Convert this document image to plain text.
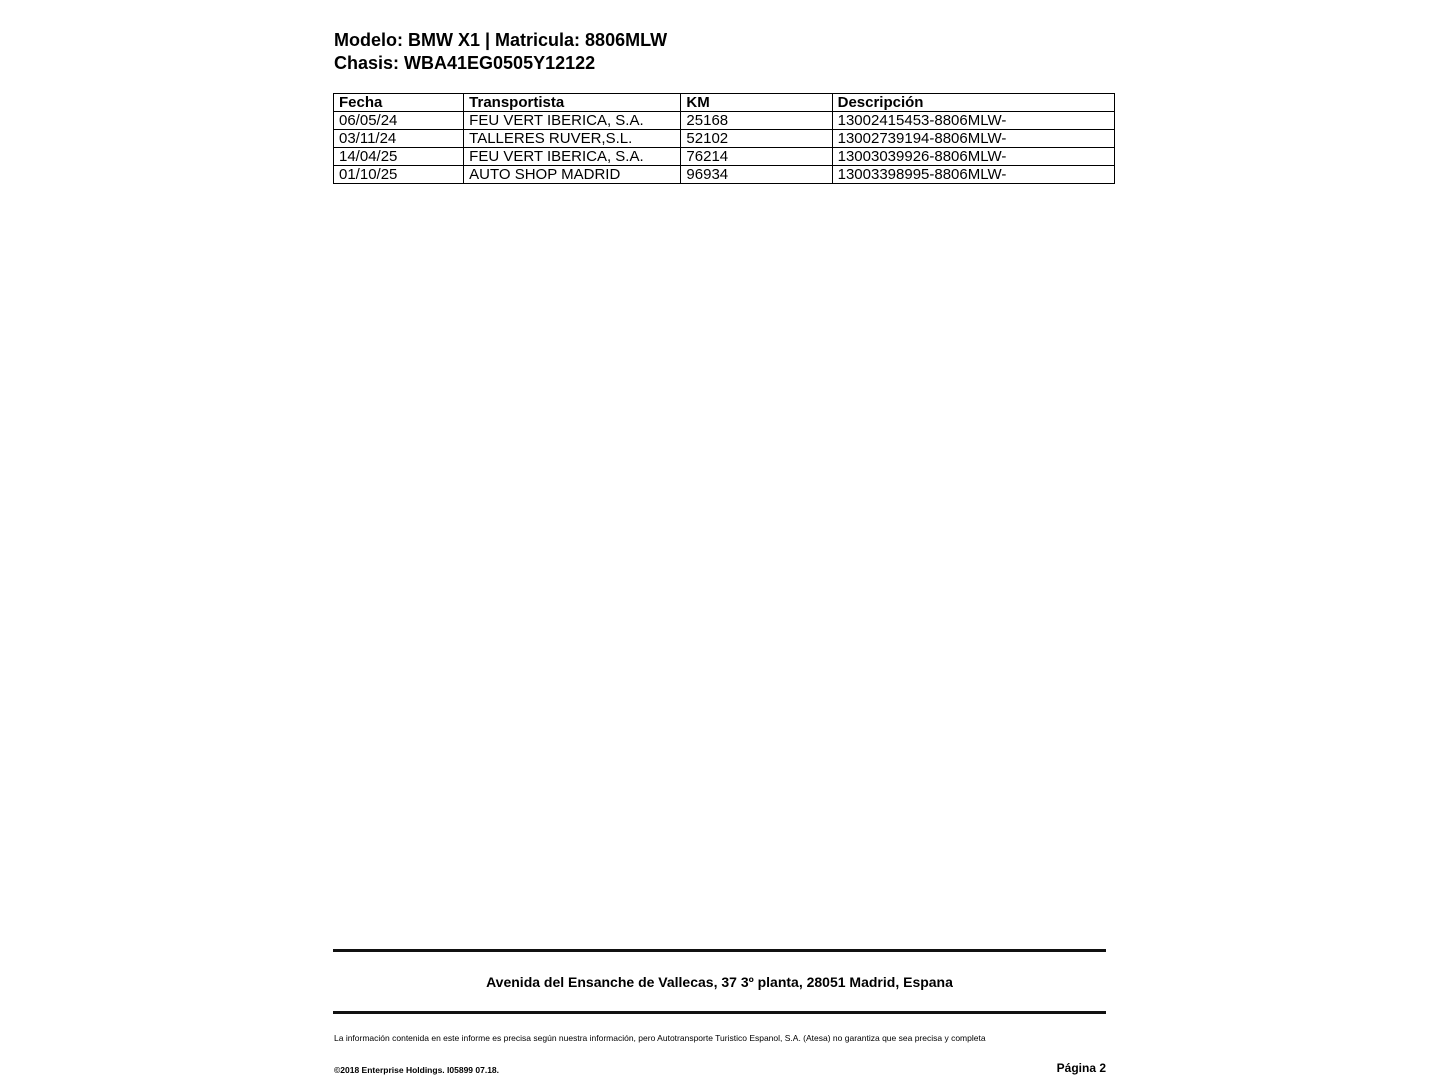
Modelo: BMW X1 | Matricula: 8806MLW
Chasis: WBA41EG0505Y12122
Fecha	Transportista	KM	Descripción
06/05/24	FEU VERT IBERICA, S.A.	25168	13002415453-8806MLW-
03/11/24	TALLERES RUVER,S.L.	52102	13002739194-8806MLW-
14/04/25	FEU VERT IBERICA, S.A.	76214	13003039926-8806MLW-
01/10/25	AUTO SHOP MADRID	96934	13003398995-8806MLW-
Avenida del Ensanche de Vallecas, 37 3º planta, 28051 Madrid, Espana
La información contenida en este informe es precisa según nuestra información, pero Autotransporte Turistico Espanol, S.A. (Atesa) no garantiza que sea precisa y completa
©2018 Enterprise Holdings. I05899 07.18.	Página 2
